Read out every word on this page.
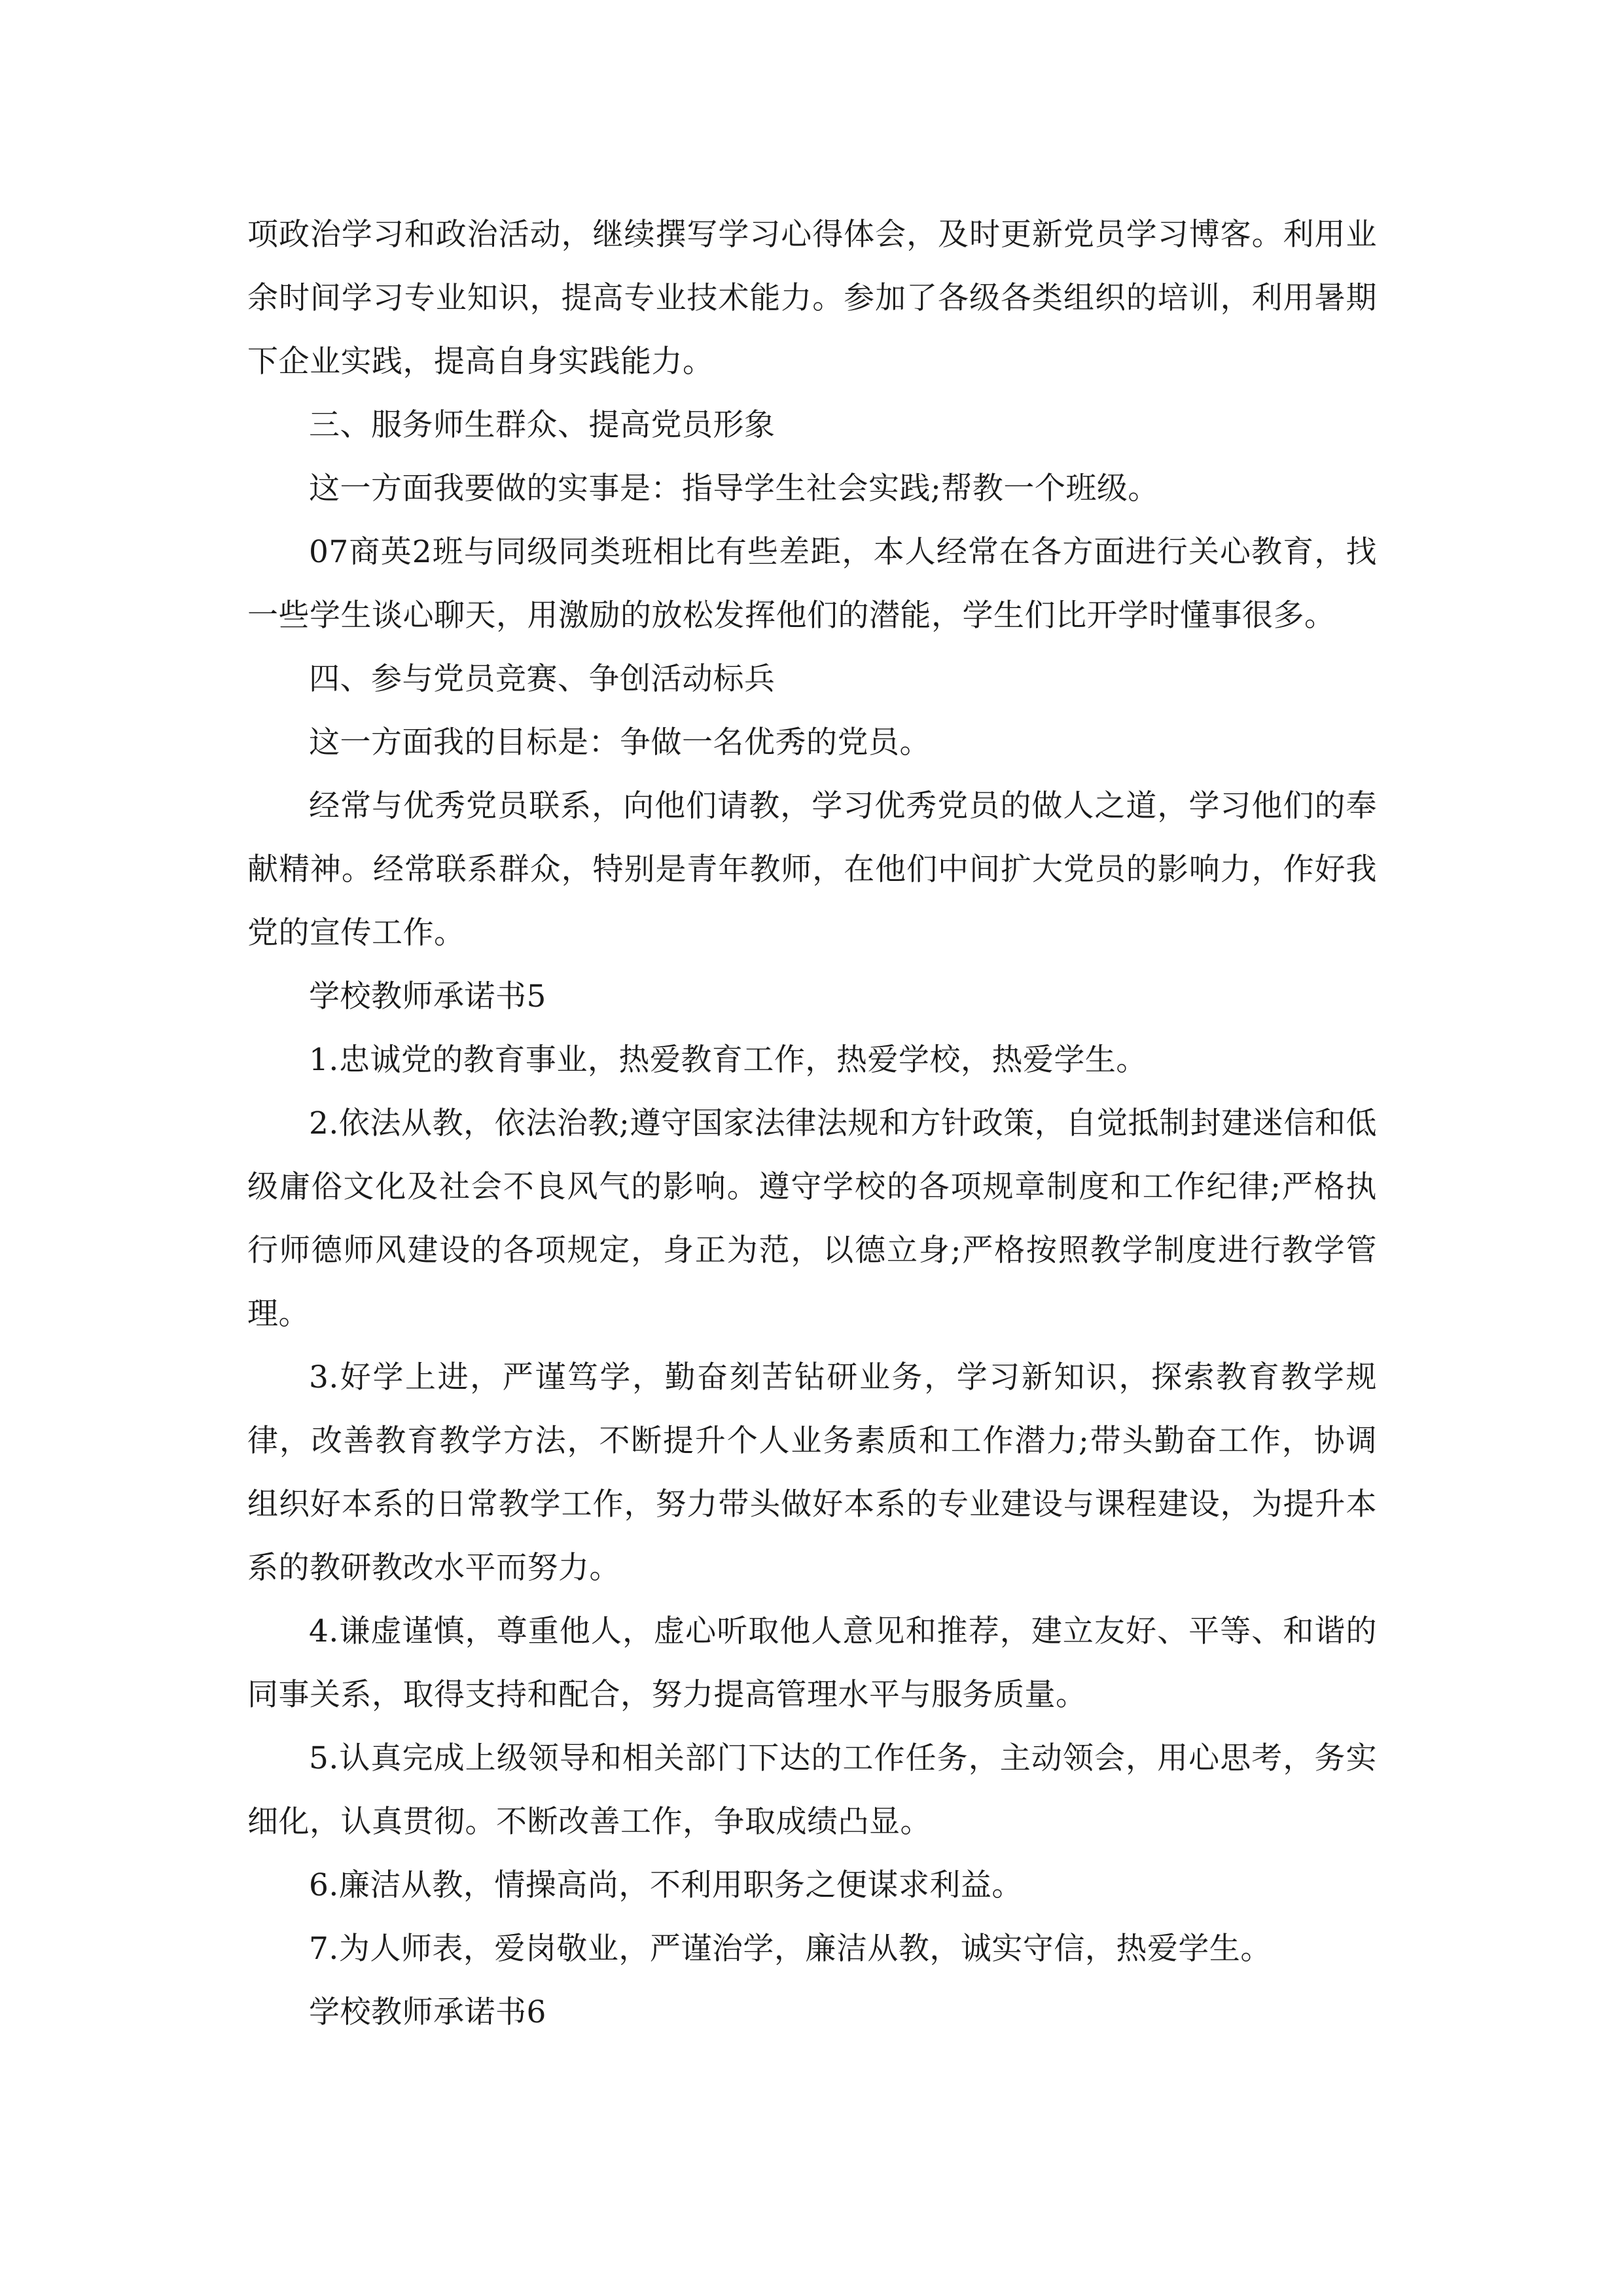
项政治学习和政治活动，继续撰写学习心得体会，及时更新党员学习博客。利用业余时间学习专业知识，提高专业技术能力。参加了各级各类组织的培训，利用暑期下企业实践，提高自身实践能力。

三、服务师生群众、提高党员形象

这一方面我要做的实事是：指导学生社会实践;帮教一个班级。

07商英2班与同级同类班相比有些差距，本人经常在各方面进行关心教育，找一些学生谈心聊天，用激励的放松发挥他们的潜能，学生们比开学时懂事很多。

四、参与党员竞赛、争创活动标兵

这一方面我的目标是：争做一名优秀的党员。

经常与优秀党员联系，向他们请教，学习优秀党员的做人之道，学习他们的奉献精神。经常联系群众，特别是青年教师，在他们中间扩大党员的影响力，作好我党的宣传工作。

学校教师承诺书5

1.忠诚党的教育事业，热爱教育工作，热爱学校，热爱学生。

2.依法从教，依法治教;遵守国家法律法规和方针政策，自觉抵制封建迷信和低级庸俗文化及社会不良风气的影响。遵守学校的各项规章制度和工作纪律;严格执行师德师风建设的各项规定，身正为范，以德立身;严格按照教学制度进行教学管理。

3.好学上进，严谨笃学，勤奋刻苦钻研业务，学习新知识，探索教育教学规律，改善教育教学方法，不断提升个人业务素质和工作潜力;带头勤奋工作，协调组织好本系的日常教学工作，努力带头做好本系的专业建设与课程建设，为提升本系的教研教改水平而努力。

4.谦虚谨慎，尊重他人，虚心听取他人意见和推荐，建立友好、平等、和谐的同事关系，取得支持和配合，努力提高管理水平与服务质量。

5.认真完成上级领导和相关部门下达的工作任务，主动领会，用心思考，务实细化，认真贯彻。不断改善工作，争取成绩凸显。

6.廉洁从教，情操高尚，不利用职务之便谋求利益。

7.为人师表，爱岗敬业，严谨治学，廉洁从教，诚实守信，热爱学生。

学校教师承诺书6
